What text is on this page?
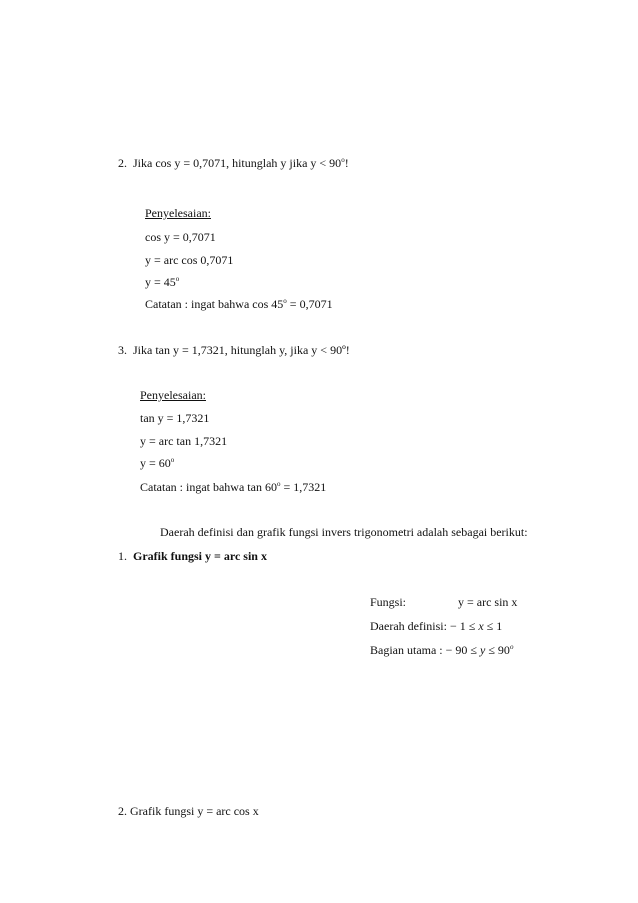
2. Jika cos y = 0,7071, hitunglah y jika $y < 90^o$!
Penyelesaian:
cos y = 0,7071
y = arc cos 0,7071
$y = 45^o$
Catatan : ingat bahwa $\cos 45^o = 0,7071$
3. Jika tan y = 1,7321, hitunglah y, jika y < 90º!
Penyelesaian:
tan y = 1,7321
y = arc tan 1,7321
$y = 60^o$
Catatan : ingat bahwa $\tan 60^o = 1,7321$
Daerah definisi dan grafik fungsi invers trigonometri adalah sebagai berikut:
1. Grafik fungsi y = arc sin x
Fungsi:	y = arc sin x
Daerah definisi: − 1 ≤ x ≤ 1
Bagian utama : − $90 \le y \le 90^o$
2. Grafik fungsi y = arc cos x
